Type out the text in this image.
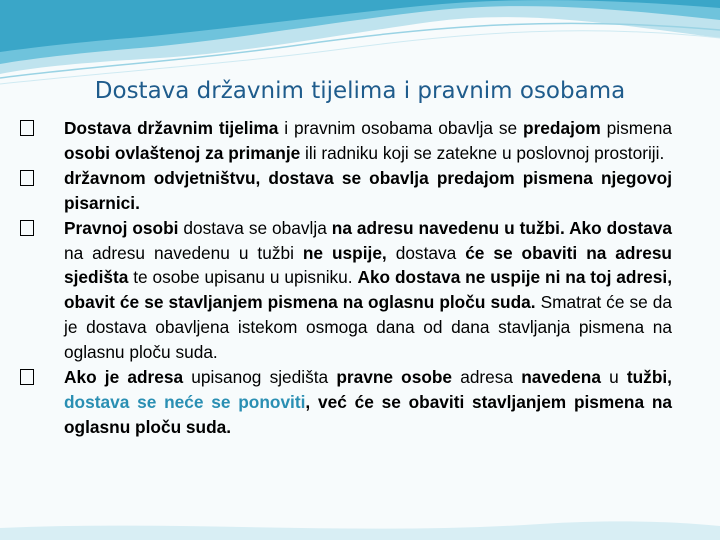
Dostava državnim tijelima i pravnim osobama

Dostava državnim tijelima i pravnim osobama obavlja se predajom pismena osobi ovlaštenoj za primanje ili radniku koji se zatekne u poslovnoj prostoriji.

državnom odvjetništvu, dostava se obavlja predajom pismena njegovoj pisarnici.

Pravnoj osobi dostava se obavlja na adresu navedenu u tužbi. Ako dostava na adresu navedenu u tužbi ne uspije, dostava će se obaviti na adresu sjedišta te osobe upisanu u upisniku. Ako dostava ne uspije ni na toj adresi, obavit će se stavljanjem pismena na oglasnu ploču suda. Smatrat će se da je dostava obavljena istekom osmoga dana od dana stavljanja pismena na oglasnu ploču suda.

Ako je adresa upisanog sjedišta pravne osobe adresa navedena u tužbi, dostava se neće se ponoviti, već će se obaviti stavljanjem pismena na oglasnu ploču suda.
